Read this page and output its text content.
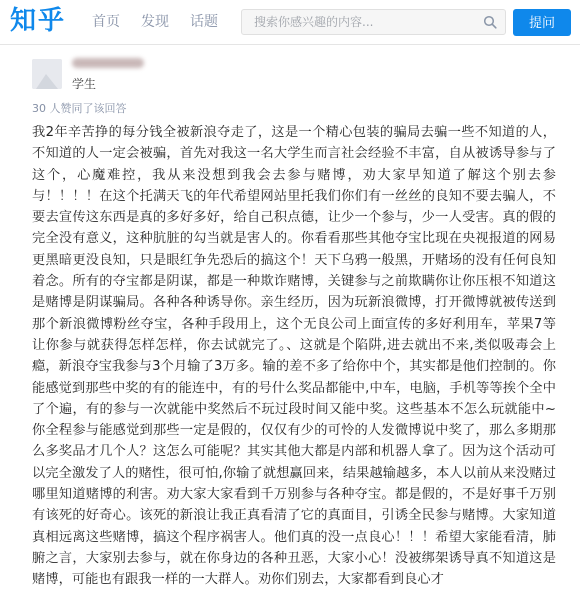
知乎 首页 发现 话题
搜索你感兴趣的内容...	提问
学生
30 人赞同了该回答

我2年辛苦挣的每分钱全被新浪夺走了，这是一个精心包装的骗局去骗一些不知道的人，不知道的人一定会被骗，首先对我这一名大学生而言社会经验不丰富，自从被诱导参与了这个，心魔难控，我从来没想到我会去参与赌博，劝大家早知道了解这个别去参与！！！！在这个托满天飞的年代希望网站里托我们你们有一丝丝的良知不要去骗人，不要去宣传这东西是真的多好多好，给自己积点德，让少一个参与，少一人受害。真的假的完全没有意义，这种肮脏的勾当就是害人的。你看看那些其他夺宝比现在央视报道的网易更黑暗更没良知，只是眼红争先恐后的搞这个！天下乌鸦一般黑，开赌场的没有任何良知着念。所有的夺宝都是阴谋，都是一种欺诈赌博，关键参与之前欺瞒你让你压根不知道这是赌博是阴谋骗局。各种各种诱导你。亲生经历，因为玩新浪微博，打开微博就被传送到那个新浪微博粉丝夺宝，各种手段用上，这个无良公司上面宣传的多好利用车，苹果7等让你参与就获得怎样怎样，你去试就完了。、这就是个陷阱,进去就出不来,类似吸毒会上瘾，新浪夺宝我参与3个月输了3万多。输的差不多了给你中个，其实都是他们控制的。你能感觉到那些中奖的有的能连中，有的号什么奖品都能中,中车，电脑，手机等等挨个全中了个遍，有的参与一次就能中奖然后不玩过段时间又能中奖。这些基本不怎么玩就能中~你全程参与能感觉到那些一定是假的，仅仅有少的可怜的人发微博说中奖了，那么多期那么多奖品才几个人？这怎么可能呢？其实其他大都是内部和机器人拿了。因为这个活动可以完全激发了人的赌性，很可怕,你输了就想赢回来，结果越输越多，本人以前从来没赌过哪里知道赌博的利害。劝大家大家看到千万别参与各种夺宝。都是假的，不是好事千万别有该死的好奇心。该死的新浪让我正真看清了它的真面目，引诱全民参与赌博。大家知道真相远离这些赌博，搞这个程序祸害人。他们真的没一点良心！！！希望大家能看清，肺腑之言，大家别去参与，就在你身边的各种丑恶，大家小心！没被绑架诱导真不知道这是赌博，可能也有跟我一样的一大群人。劝你们别去，大家都看到良心才
